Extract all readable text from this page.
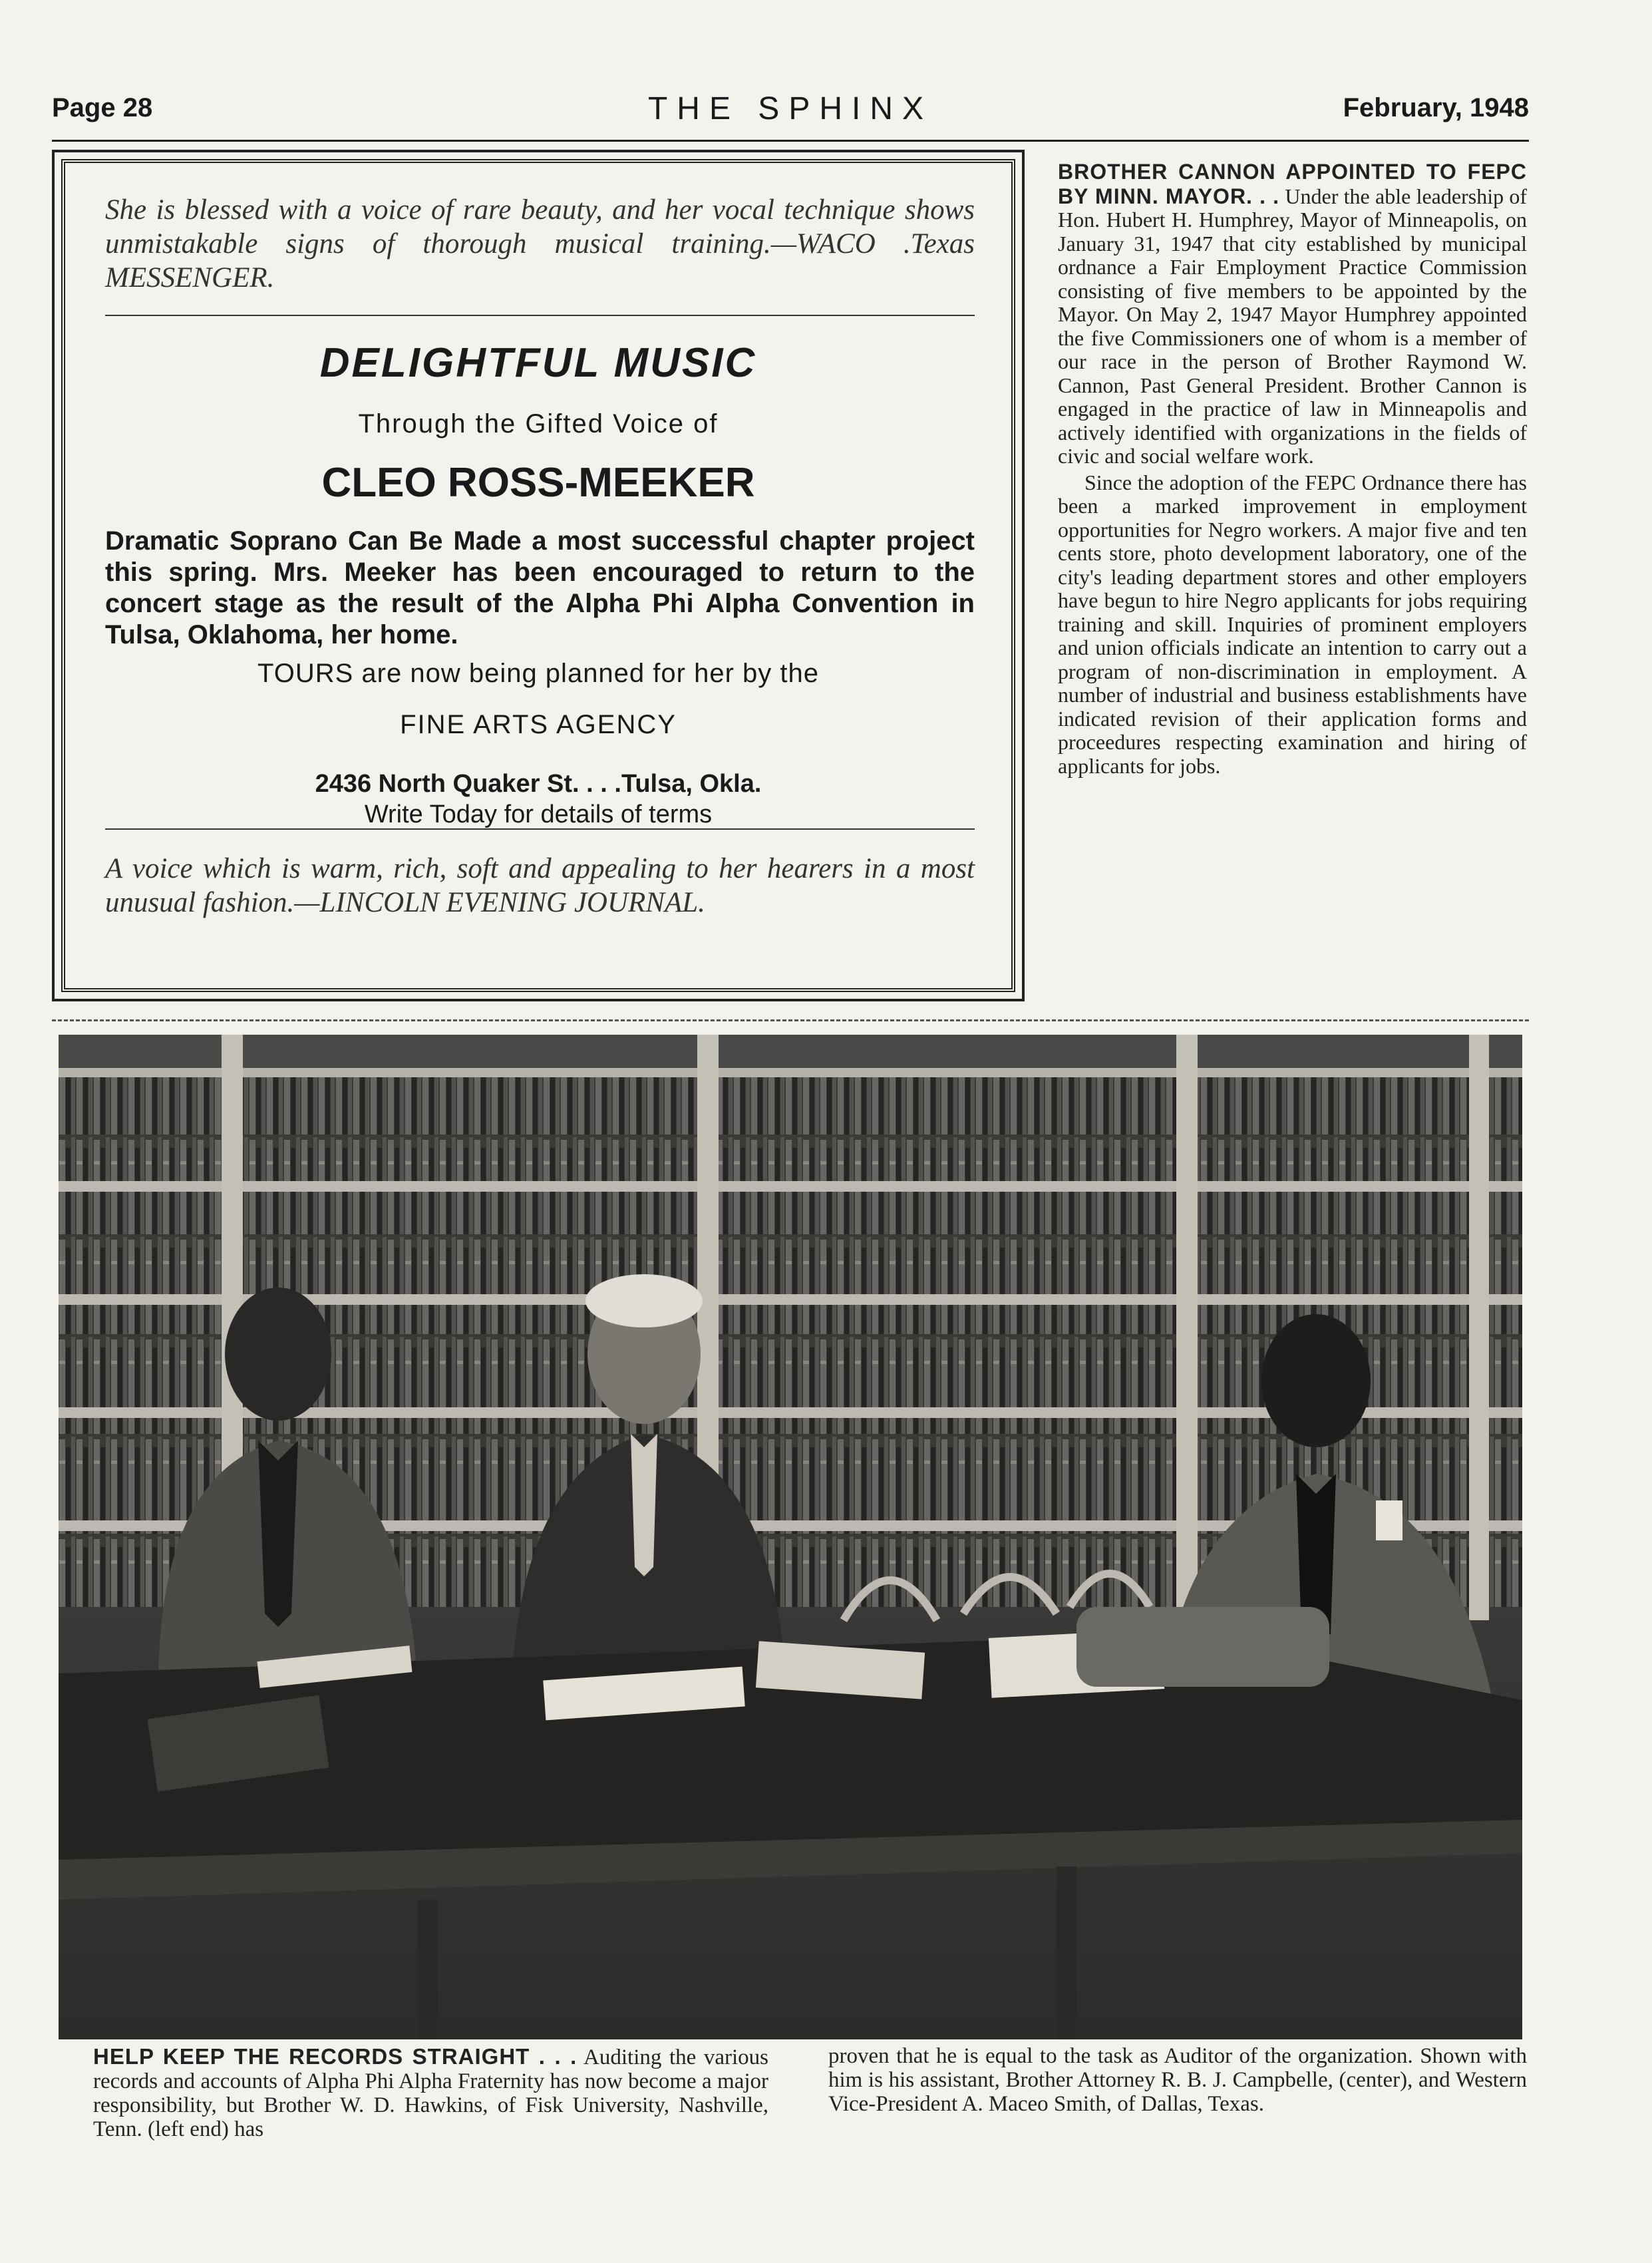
Page 28	THE SPHINX	February, 1948
She is blessed with a voice of rare beauty, and her vocal technique shows unmistakable signs of thorough musical training.—WACO .Texas MESSENGER.
DELIGHTFUL MUSIC
Through the Gifted Voice of
CLEO ROSS-MEEKER
Dramatic Soprano Can Be Made a most successful chapter project this spring. Mrs. Meeker has been encouraged to return to the concert stage as the result of the Alpha Phi Alpha Convention in Tulsa, Oklahoma, her home.
TOURS are now being planned for her by the
FINE ARTS AGENCY
2436 North Quaker St. . . .Tulsa, Okla.
Write Today for details of terms
A voice which is warm, rich, soft and appealing to her hearers in a most unusual fashion.—LINCOLN EVENING JOURNAL.

BROTHER CANNON APPOINTED TO FEPC BY MINN. MAYOR. . . Under the able leadership of Hon. Hubert H. Humphrey, Mayor of Minneapolis, on January 31, 1947 that city established by municipal ordnance a Fair Employment Practice Commission consisting of five members to be appointed by the Mayor. On May 2, 1947 Mayor Humphrey appointed the five Commissioners one of whom is a member of our race in the person of Brother Raymond W. Cannon, Past General President. Brother Cannon is engaged in the practice of law in Minneapolis and actively identified with organizations in the fields of civic and social welfare work.

Since the adoption of the FEPC Ordnance there has been a marked improvement in employment opportunities for Negro workers. A major five and ten cents store, photo development laboratory, one of the city's leading department stores and other employers have begun to hire Negro applicants for jobs requiring training and skill. Inquiries of prominent employers and union officials indicate an intention to carry out a program of non-discrimination in employment. A number of industrial and business establishments have indicated revision of their application forms and proceedures respecting examination and hiring of applicants for jobs.

HELP KEEP THE RECORDS STRAIGHT . . . Auditing the various records and accounts of Alpha Phi Alpha Fraternity has now become a major responsibility, but Brother W. D. Hawkins, of Fisk University, Nashville, Tenn. (left end) has
proven that he is equal to the task as Auditor of the organization. Shown with him is his assistant, Brother Attorney R. B. J. Campbelle, (center), and Western Vice-President A. Maceo Smith, of Dallas, Texas.
